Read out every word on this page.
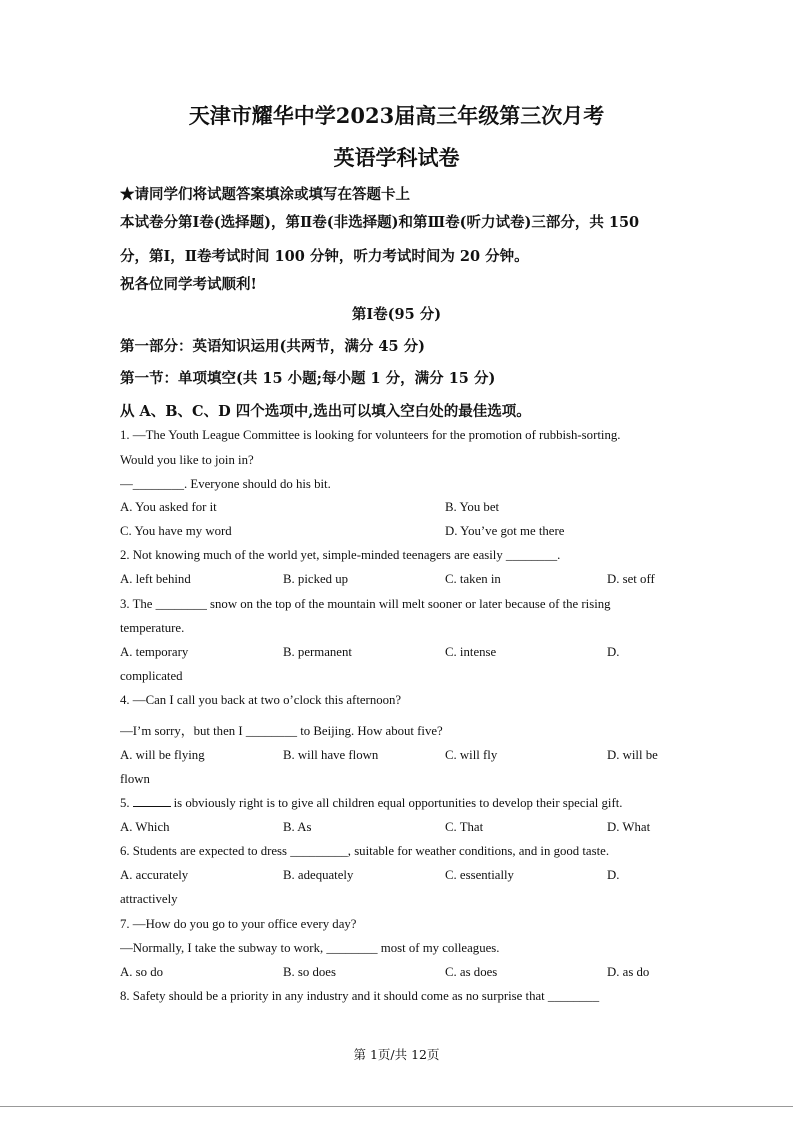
天津市耀华中学2023届高三年级第三次月考
英语学科试卷
★请同学们将试题答案填涂或填写在答题卡上
本试卷分第Ⅰ卷(选择题)，第Ⅱ卷(非选择题)和第Ⅲ卷(听力试卷)三部分，共 150
分，第Ⅰ，Ⅱ卷考试时间 100 分钟，听力考试时间为 20 分钟。
祝各位同学考试顺利!
第Ⅰ卷(95 分)
第一部分：英语知识运用(共两节，满分 45 分)
第一节：单项填空(共 15 小题;每小题 1 分，满分 15 分)
从 A、B、C、D 四个选项中,选出可以填入空白处的最佳选项。
1. —The Youth League Committee is looking for volunteers for the promotion of rubbish-sorting.
Would you like to join in?
—________. Everyone should do his bit.
A. You asked for it	B. You bet
C. You have my word	D. You’ve got me there
2. Not knowing much of the world yet, simple-minded teenagers are easily ________.
A. left behind	B. picked up	C. taken in	D. set off
3. The ________ snow on the top of the mountain will melt sooner or later because of the rising
temperature.
A. temporary	B. permanent	C. intense	D.
complicated
4. —Can I call you back at two o’clock this afternoon?
—I’m sorry，but then I ________ to Beijing. How about five?
A. will be flying	B. will have flown	C. will fly	D. will be
flown
5.	is obviously right is to give all children equal opportunities to develop their special gift.
A. Which	B. As	C. That	D. What
6. Students are expected to dress _________, suitable for weather conditions, and in good taste.
A. accurately	B. adequately	C. essentially	D.
attractively
7. —How do you go to your office every day?
—Normally, I take the subway to work, ________ most of my colleagues.
A. so do	B. so does	C. as does	D. as do
8. Safety should be a priority in any industry and it should come as no surprise that ________
第 1页/共 12页
